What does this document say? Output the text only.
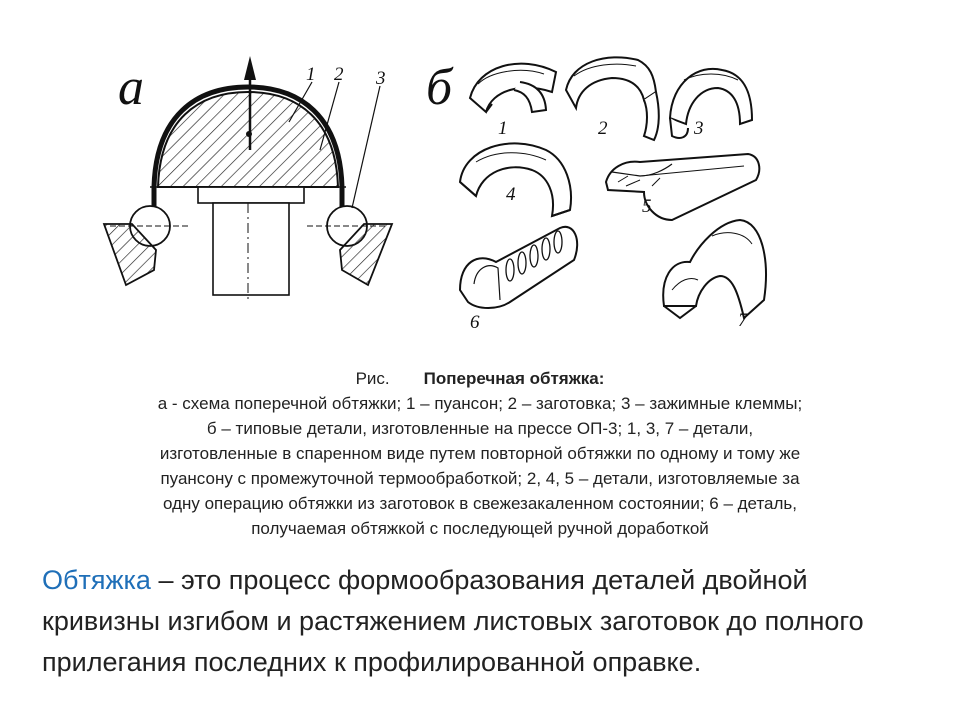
а	1 2 3 б
1	2	3
4
5
6	7
Рис. Поперечная обтяжка:
а - схема поперечной обтяжки; 1 – пуансон; 2 – заготовка; 3 – зажимные клеммы;
б – типовые детали, изготовленные на прессе ОП-3; 1, 3, 7 – детали,
изготовленные в спаренном виде путем повторной обтяжки по одному и тому же
пуансону с промежуточной термообработкой; 2, 4, 5 – детали, изготовляемые за
одну операцию обтяжки из заготовок в свежезакаленном состоянии; 6 – деталь,
получаемая обтяжкой с последующей ручной доработкой
Обтяжка – это процесс формообразования деталей двойной кривизны изгибом и растяжением листовых заготовок до полного прилегания последних к профилированной оправке.
